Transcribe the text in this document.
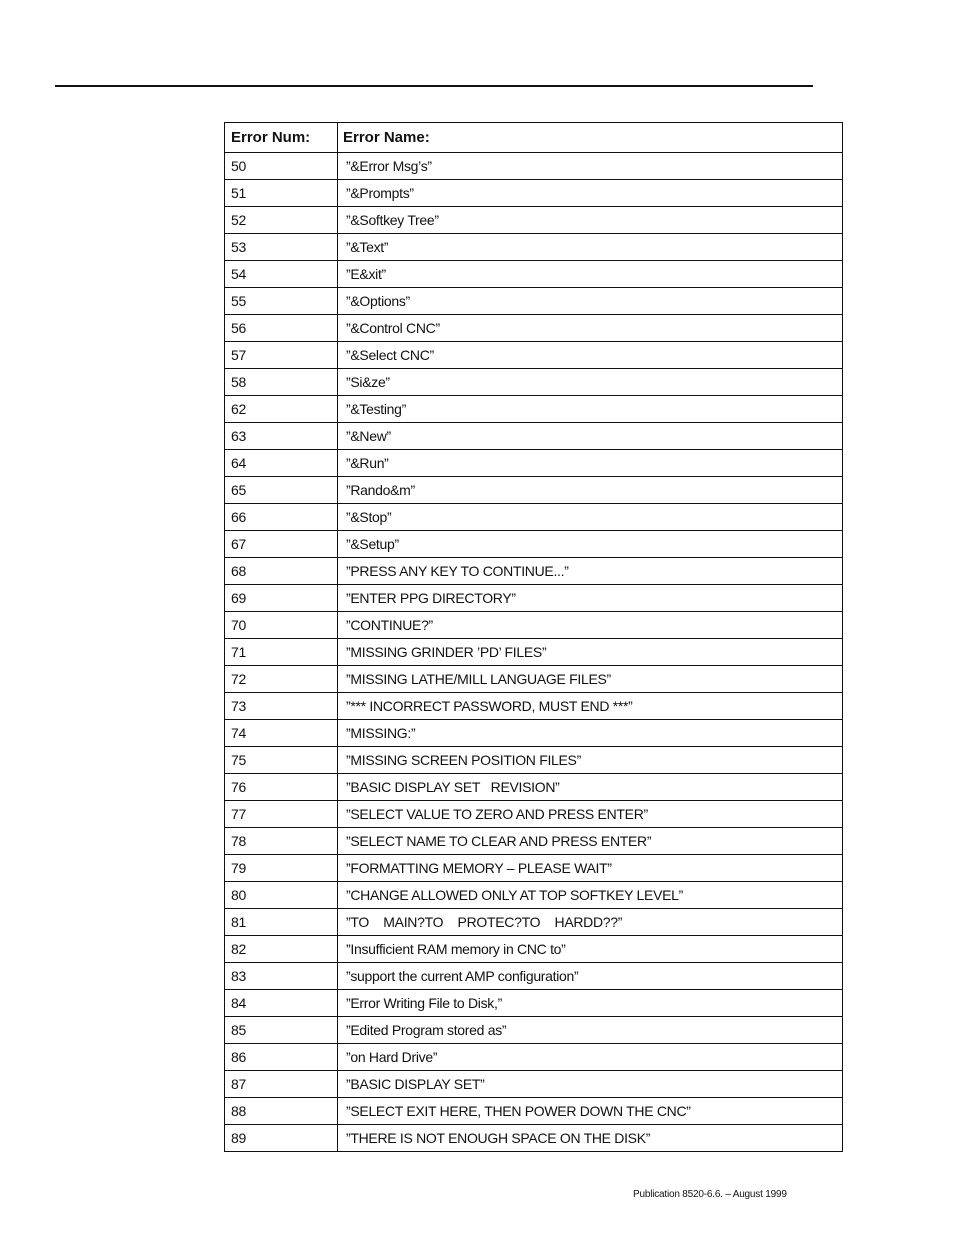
Error Num:	Error Name:
50	”&Error Msg’s”
51	”&Prompts”
52	”&Softkey Tree”
53	”&Text”
54	”E&xit”
55	”&Options”
56	”&Control CNC”
57	”&Select CNC”
58	”Si&ze”
62	”&Testing”
63	”&New”
64	”&Run”
65	”Rando&m”
66	”&Stop”
67	”&Setup”
68	”PRESS ANY KEY TO CONTINUE...”
69	”ENTER PPG DIRECTORY”
70	”CONTINUE?”
71	”MISSING GRINDER ’PD’ FILES”
72	”MISSING LATHE/MILL LANGUAGE FILES”
73	”*** INCORRECT PASSWORD, MUST END ***”
74	”MISSING:”
75	”MISSING SCREEN POSITION FILES”
76	”BASIC DISPLAY SET   REVISION”
77	”SELECT VALUE TO ZERO AND PRESS ENTER”
78	”SELECT NAME TO CLEAR AND PRESS ENTER”
79	”FORMATTING MEMORY – PLEASE WAIT”
80	”CHANGE ALLOWED ONLY AT TOP SOFTKEY LEVEL”
81	”TO    MAIN?TO    PROTEC?TO    HARDD??”
82	”Insufficient RAM memory in CNC to”
83	”support the current AMP configuration”
84	”Error Writing File to Disk,”
85	”Edited Program stored as”
86	”on Hard Drive”
87	”BASIC DISPLAY SET”
88	”SELECT EXIT HERE, THEN POWER DOWN THE CNC”
89	”THERE IS NOT ENOUGH SPACE ON THE DISK”
Publication 8520-6.6. – August 1999
